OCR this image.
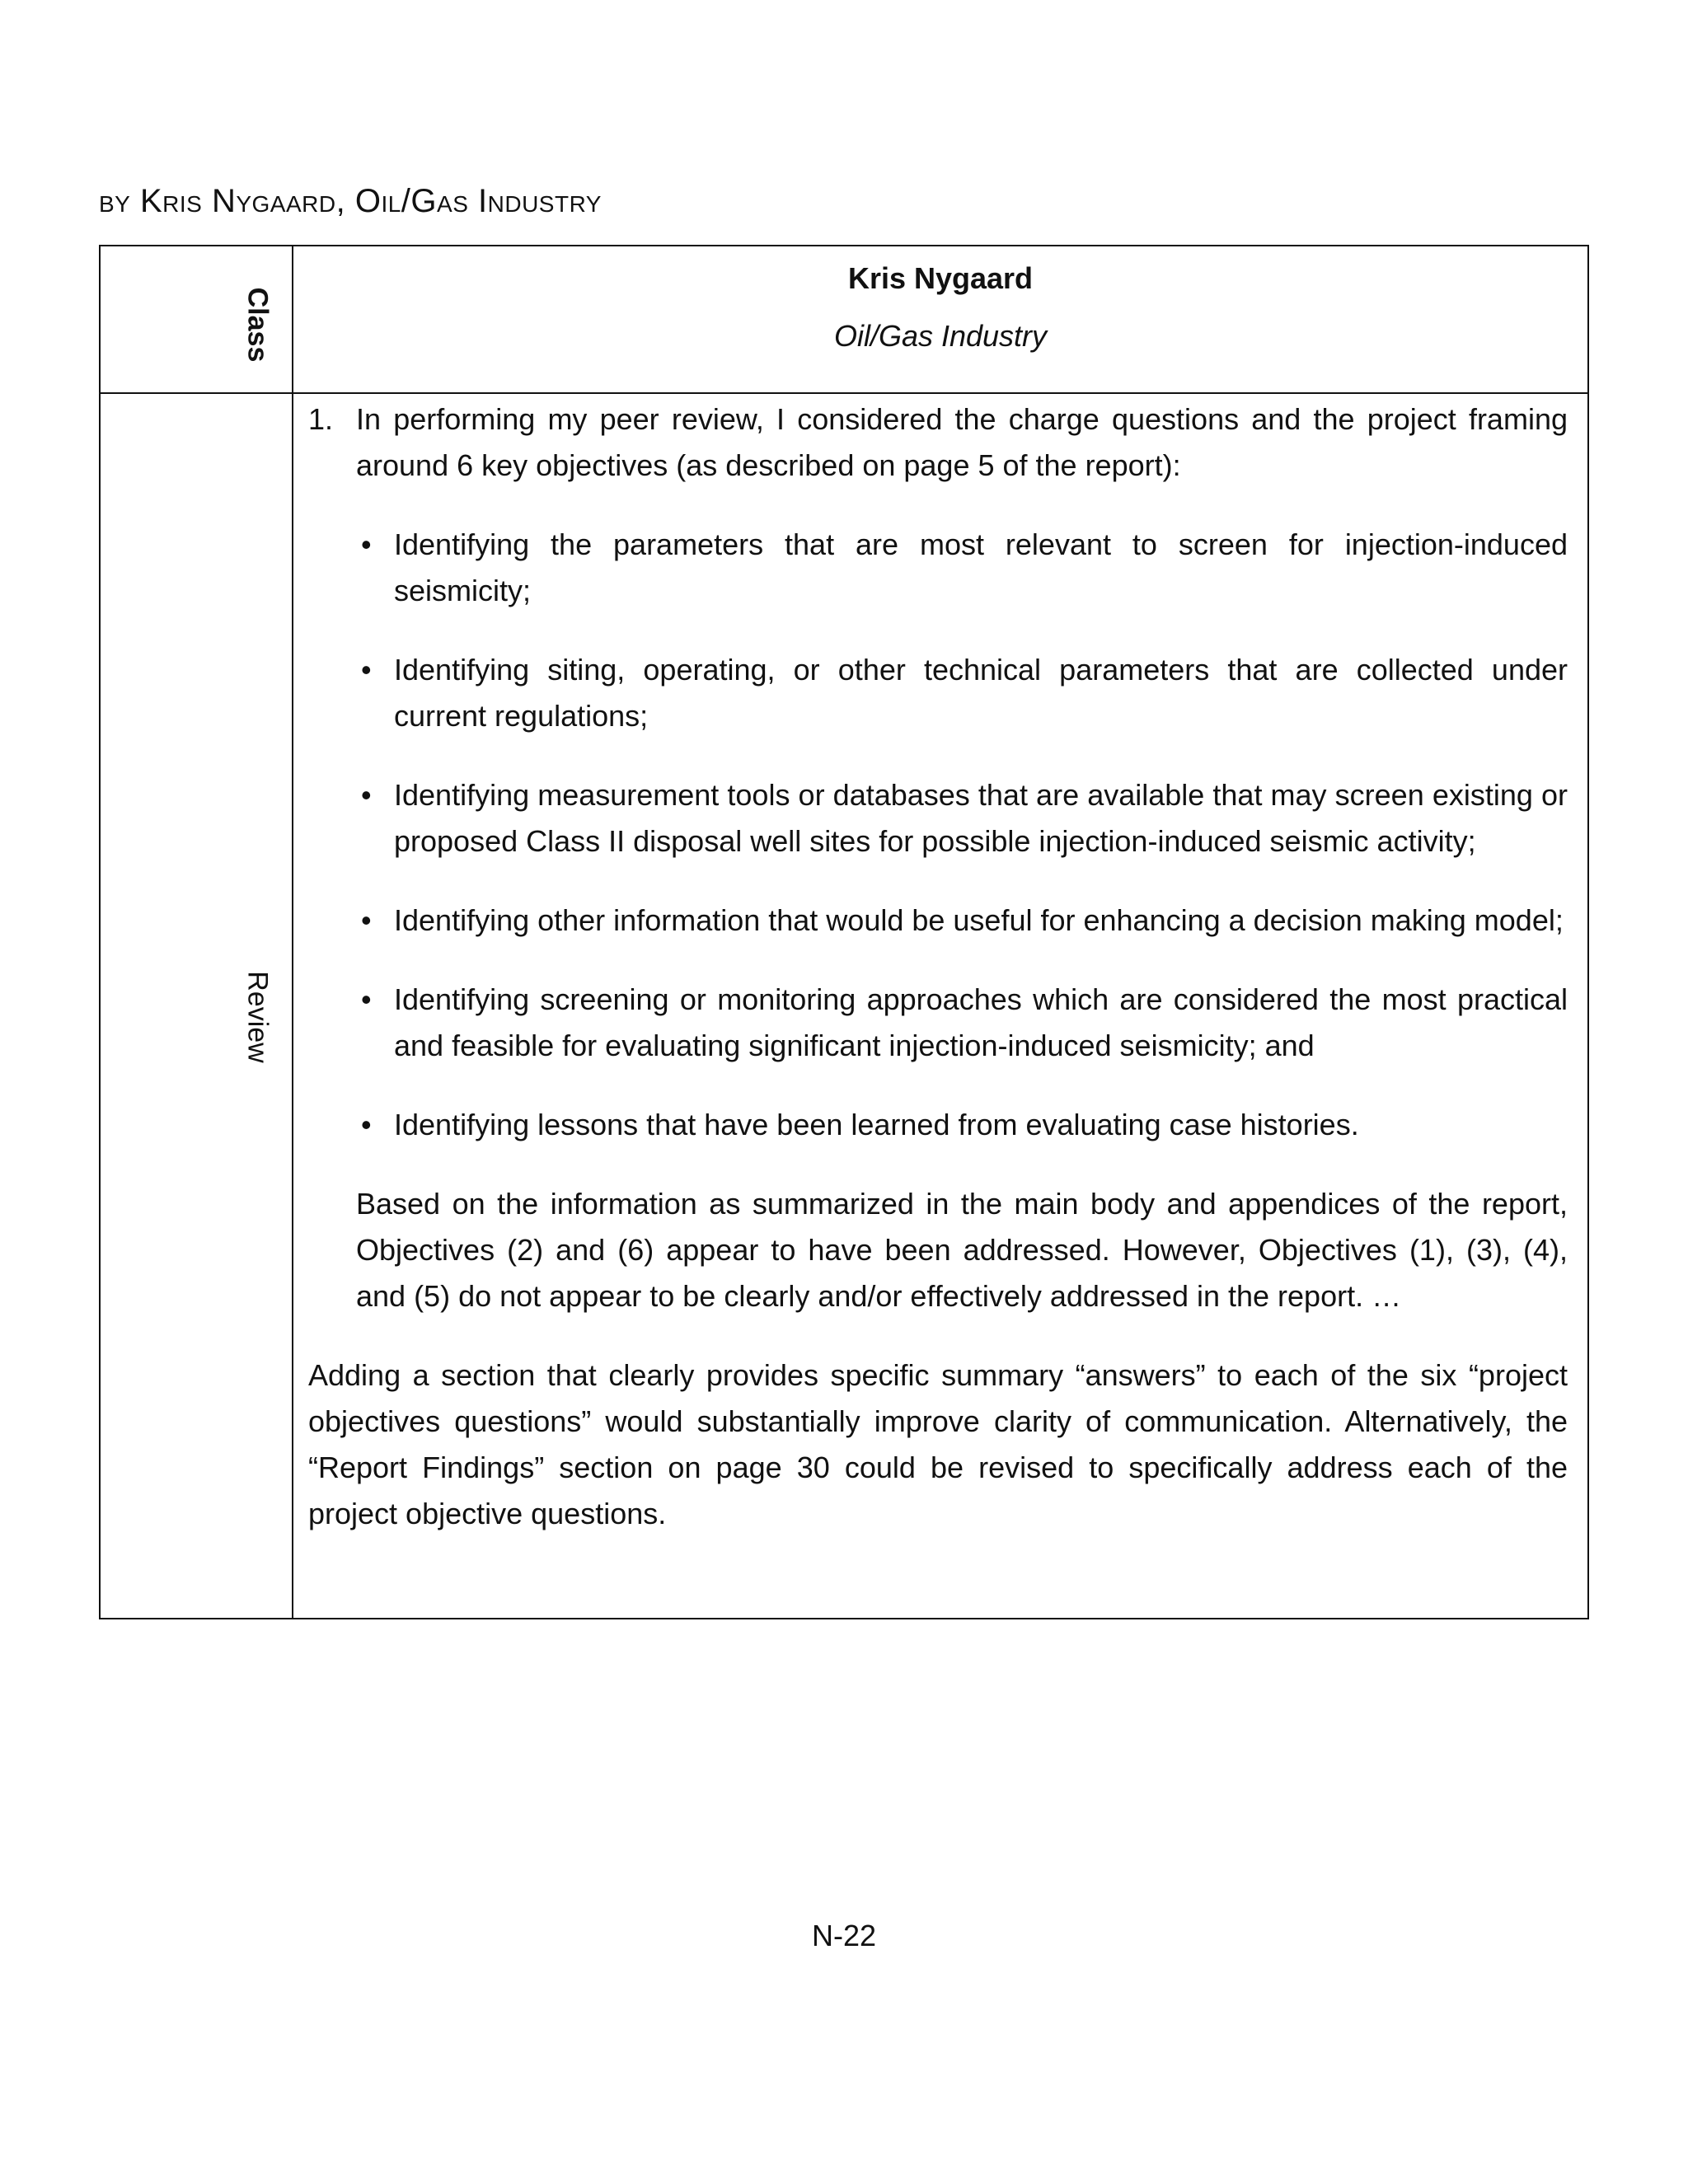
by Kris Nygaard, Oil/Gas Industry
Class
Kris Nygaard
Oil/Gas Industry
Review
1. In performing my peer review, I considered the charge questions and the project framing around 6 key objectives (as described on page 5 of the report):
• Identifying the parameters that are most relevant to screen for injection-induced seismicity;
• Identifying siting, operating, or other technical parameters that are collected under current regulations;
• Identifying measurement tools or databases that are available that may screen existing or proposed Class II disposal well sites for possible injection-induced seismic activity;
• Identifying other information that would be useful for enhancing a decision making model;
• Identifying screening or monitoring approaches which are considered the most practical and feasible for evaluating significant injection-induced seismicity; and
• Identifying lessons that have been learned from evaluating case histories.
Based on the information as summarized in the main body and appendices of the report, Objectives (2) and (6) appear to have been addressed. However, Objectives (1), (3), (4), and (5) do not appear to be clearly and/or effectively addressed in the report. …
Adding a section that clearly provides specific summary “answers” to each of the six “project objectives questions” would substantially improve clarity of communication. Alternatively, the “Report Findings” section on page 30 could be revised to specifically address each of the project objective questions.
N-22
